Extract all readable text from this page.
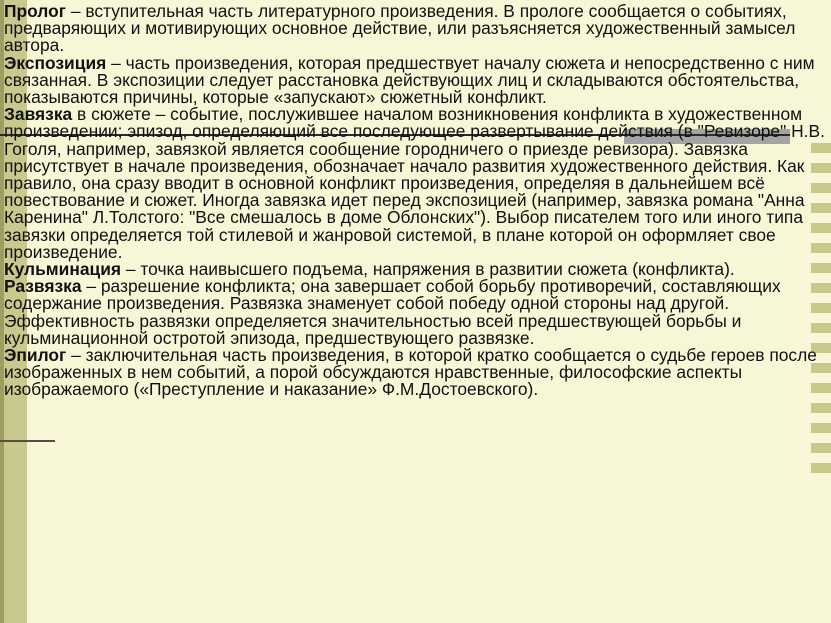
Пролог – вступительная часть литературного произведения. В прологе сообщается о событиях, предваряющих и мотивирующих основное действие, или разъясняется художественный замысел автора.

Экспозиция – часть произведения, которая предшествует началу сюжета и непосредственно с ним связанная. В экспозиции следует расстановка действующих лиц и складываются обстоятельства, показываются причины, которые «запускают» сюжетный конфликт.

Завязка в сюжете – событие, послужившее началом возникновения конфликта в художественном произведении; эпизод, определяющий все последующее развертывание действия (в "Ревизоре" Н.В. Гоголя, например, завязкой является сообщение городничего о приезде ревизора). Завязка присутствует в начале произведения, обозначает начало развития художественного действия. Как правило, она сразу вводит в основной конфликт произведения, определяя в дальнейшем всё повествование и сюжет. Иногда завязка идет перед экспозицией (например, завязка романа "Анна Каренина" Л.Толстого: "Все смешалось в доме Облонских"). Выбор писателем того или иного типа завязки определяется той стилевой и жанровой системой, в плане которой он оформляет свое произведение.

Кульминация – точка наивысшего подъема, напряжения в развитии сюжета (конфликта).

Развязка – разрешение конфликта; она завершает собой борьбу противоречий, составляющих содержание произведения. Развязка знаменует собой победу одной стороны над другой. Эффективность развязки определяется значительностью всей предшествующей борьбы и кульминационной остротой эпизода, предшествующего развязке.

Эпилог – заключительная часть произведения, в которой кратко сообщается о судьбе героев после изображенных в нем событий, а порой обсуждаются нравственные, философские аспекты изображаемого («Преступление и наказание» Ф.М.Достоевского).
